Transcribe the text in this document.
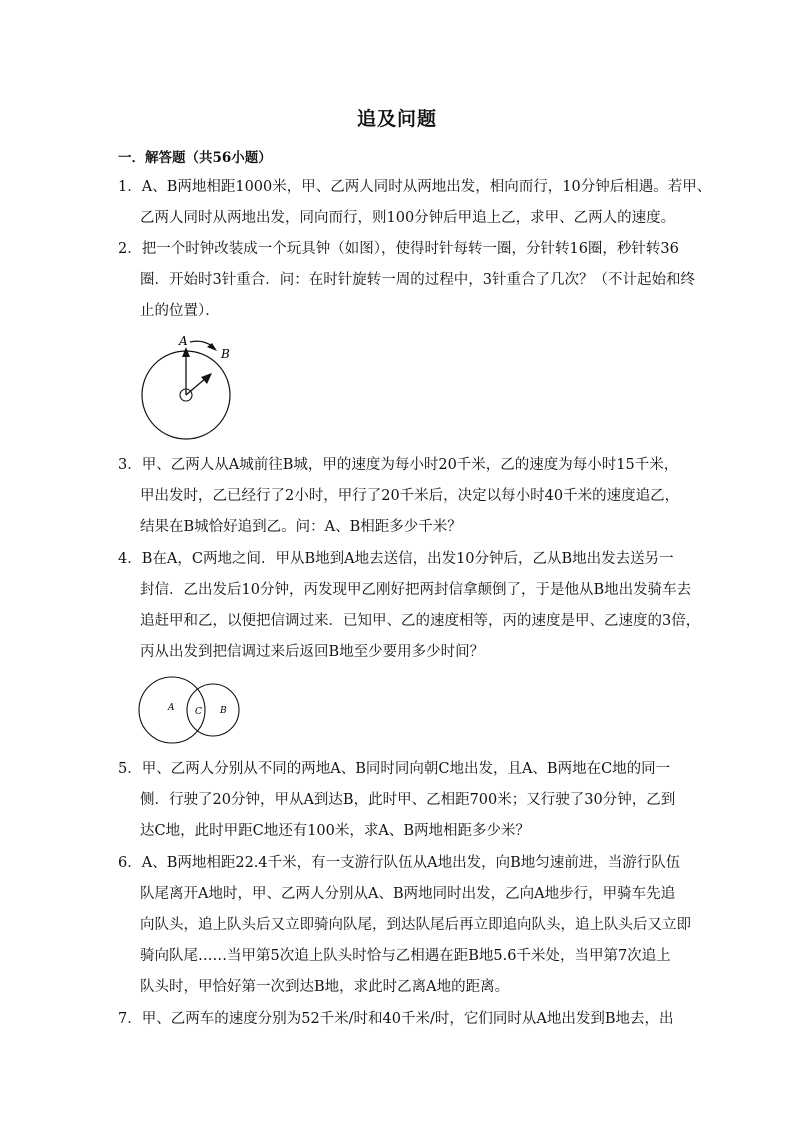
追及问题
一．解答题（共56小题）
1．A、B两地相距1000米，甲、乙两人同时从两地出发，相向而行，10分钟后相遇。若甲、
乙两人同时从两地出发，同向而行，则100分钟后甲追上乙，求甲、乙两人的速度。
2．把一个时钟改装成一个玩具钟（如图），使得时针每转一圈，分针转16圈，秒针转36
圈．开始时3针重合．问：在时针旋转一周的过程中，3针重合了几次？（不计起始和终
止的位置）．
A
B
3．甲、乙两人从A城前往B城，甲的速度为每小时20千米，乙的速度为每小时15千米，
甲出发时，乙已经行了2小时，甲行了20千米后，决定以每小时40千米的速度追乙，
结果在B城恰好追到乙。问：A、B相距多少千米？
4．B在A，C两地之间．甲从B地到A地去送信，出发10分钟后，乙从B地出发去送另一
封信．乙出发后10分钟，丙发现甲乙刚好把两封信拿颠倒了，于是他从B地出发骑车去
追赶甲和乙，以便把信调过来．已知甲、乙的速度相等，丙的速度是甲、乙速度的3倍，
丙从出发到把信调过来后返回B地至少要用多少时间？
A C B
5．甲、乙两人分别从不同的两地A、B同时同向朝C地出发，且A、B两地在C地的同一
侧．行驶了20分钟，甲从A到达B，此时甲、乙相距700米；又行驶了30分钟，乙到
达C地，此时甲距C地还有100米，求A、B两地相距多少米？
6．A、B两地相距22.4千米，有一支游行队伍从A地出发，向B地匀速前进，当游行队伍
队尾离开A地时，甲、乙两人分别从A、B两地同时出发，乙向A地步行，甲骑车先追
向队头，追上队头后又立即骑向队尾，到达队尾后再立即追向队头，追上队头后又立即
骑向队尾……当甲第5次追上队头时恰与乙相遇在距B地5.6千米处，当甲第7次追上
队头时，甲恰好第一次到达B地，求此时乙离A地的距离。
7．甲、乙两车的速度分别为52千米/时和40千米/时，它们同时从A地出发到B地去，出
